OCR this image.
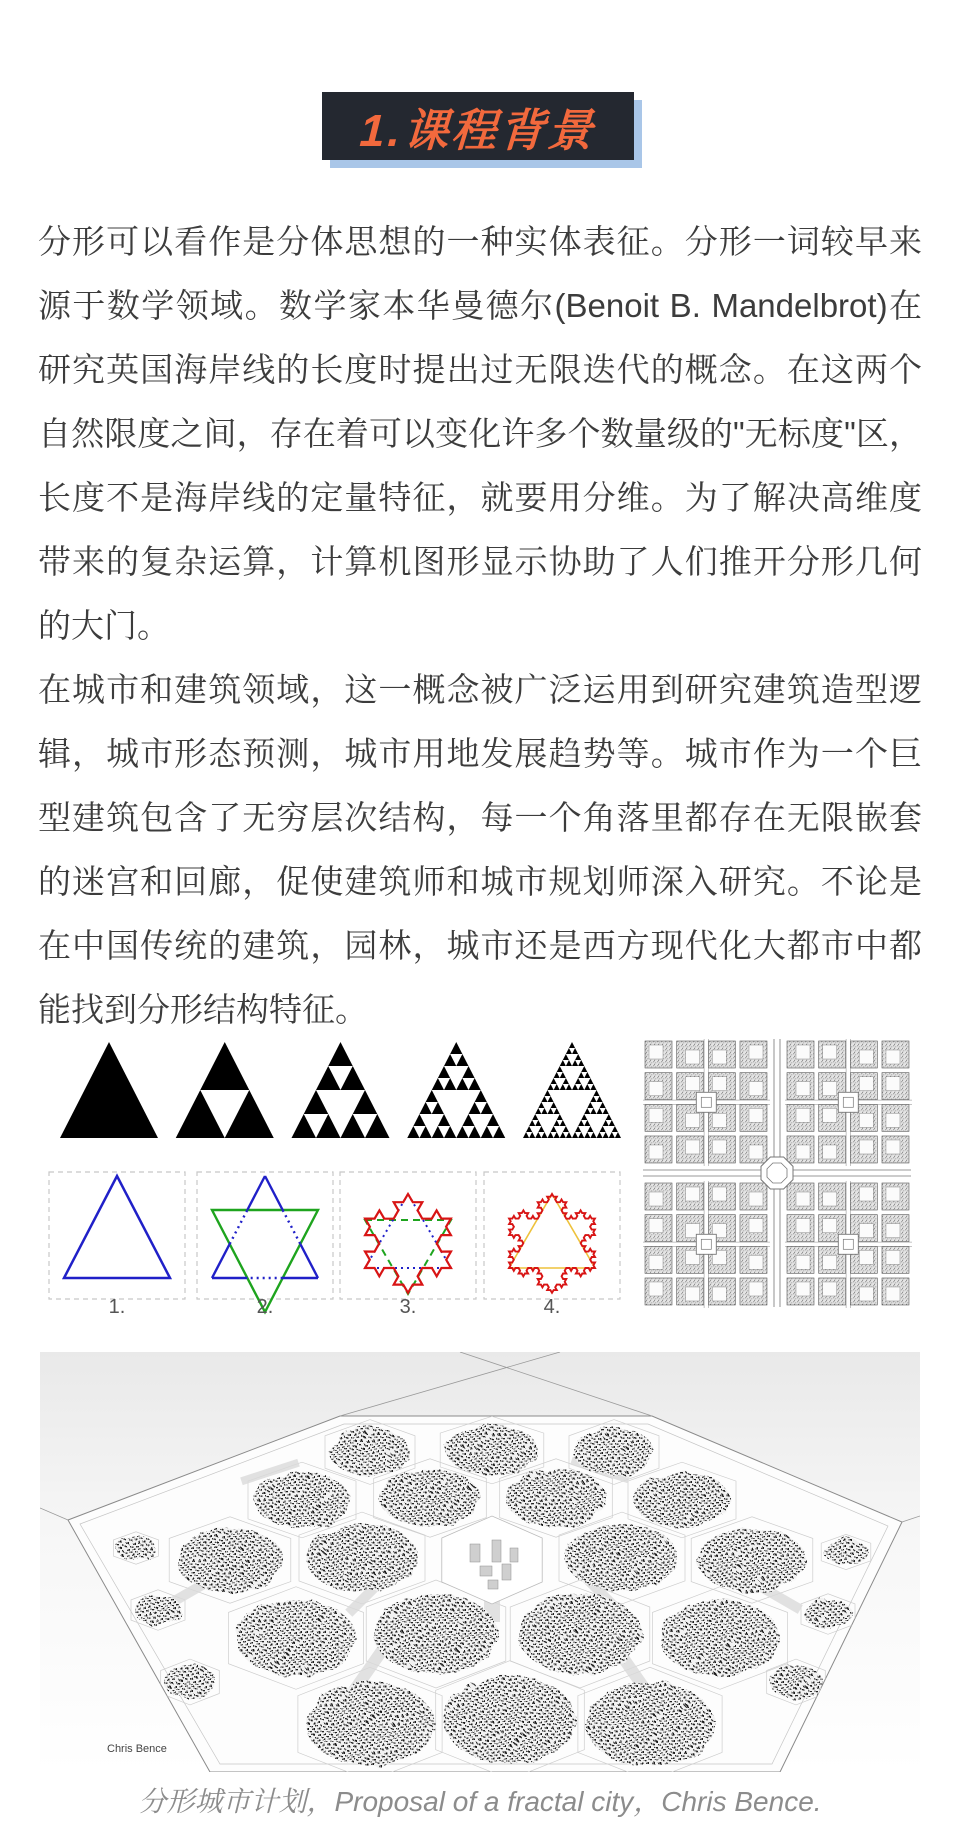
1.课程背景

分形可以看作是分体思想的一种实体表征。分形一词较早来源于数学领域。数学家本华曼德尔(Benoit B. Mandelbrot)在研究英国海岸线的长度时提出过无限迭代的概念。在这两个自然限度之间，存在着可以变化许多个数量级的"无标度"区，长度不是海岸线的定量特征，就要用分维。为了解决高维度带来的复杂运算，计算机图形显示协助了人们推开分形几何的大门。

在城市和建筑领域，这一概念被广泛运用到研究建筑造型逻辑，城市形态预测，城市用地发展趋势等。城市作为一个巨型建筑包含了无穷层次结构，每一个角落里都存在无限嵌套的迷宫和回廊，促使建筑师和城市规划师深入研究。不论是在中国传统的建筑，园林，城市还是西方现代化大都市中都能找到分形结构特征。

1.	2.	3.	4.
Chris Bence
分形城市计划，Proposal of a fractal city，Chris Bence.
